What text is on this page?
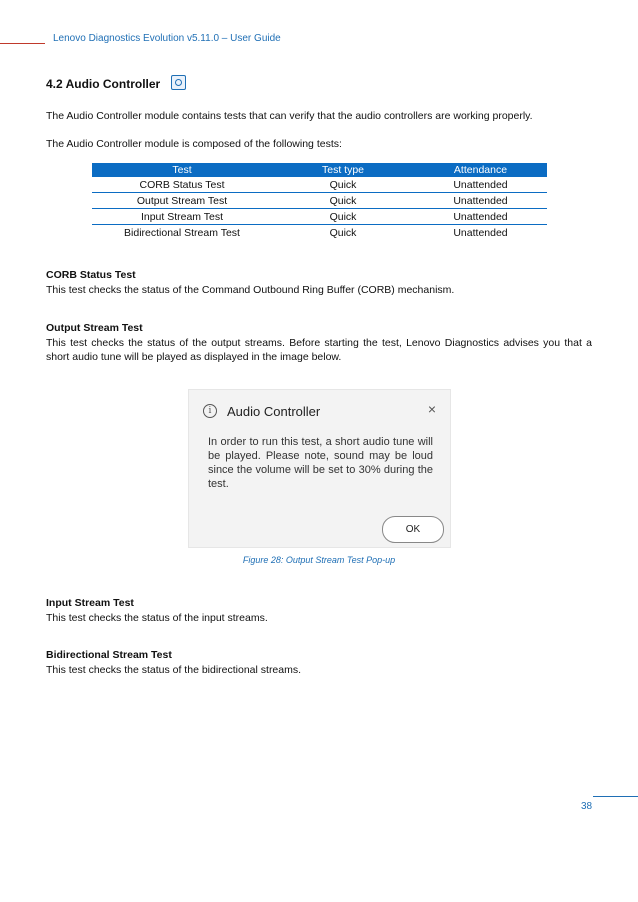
Lenovo Diagnostics Evolution v5.11.0 – User Guide
4.2 Audio Controller
The Audio Controller module contains tests that can verify that the audio controllers are working properly.
The Audio Controller module is composed of the following tests:
Test	Test type	Attendance
CORB Status Test	Quick	Unattended
Output Stream Test	Quick	Unattended
Input Stream Test	Quick	Unattended
Bidirectional Stream Test	Quick	Unattended
CORB Status Test
This test checks the status of the Command Outbound Ring Buffer (CORB) mechanism.
Output Stream Test
This test checks the status of the output streams. Before starting the test, Lenovo Diagnostics advises you that a short audio tune will be played as displayed in the image below.
i	Audio Controller	×
In order to run this test, a short audio tune will be played. Please note, sound may be loud since the volume will be set to 30% during the test.
OK
Figure 28: Output Stream Test Pop-up
Input Stream Test
This test checks the status of the input streams.
Bidirectional Stream Test
This test checks the status of the bidirectional streams.
38
